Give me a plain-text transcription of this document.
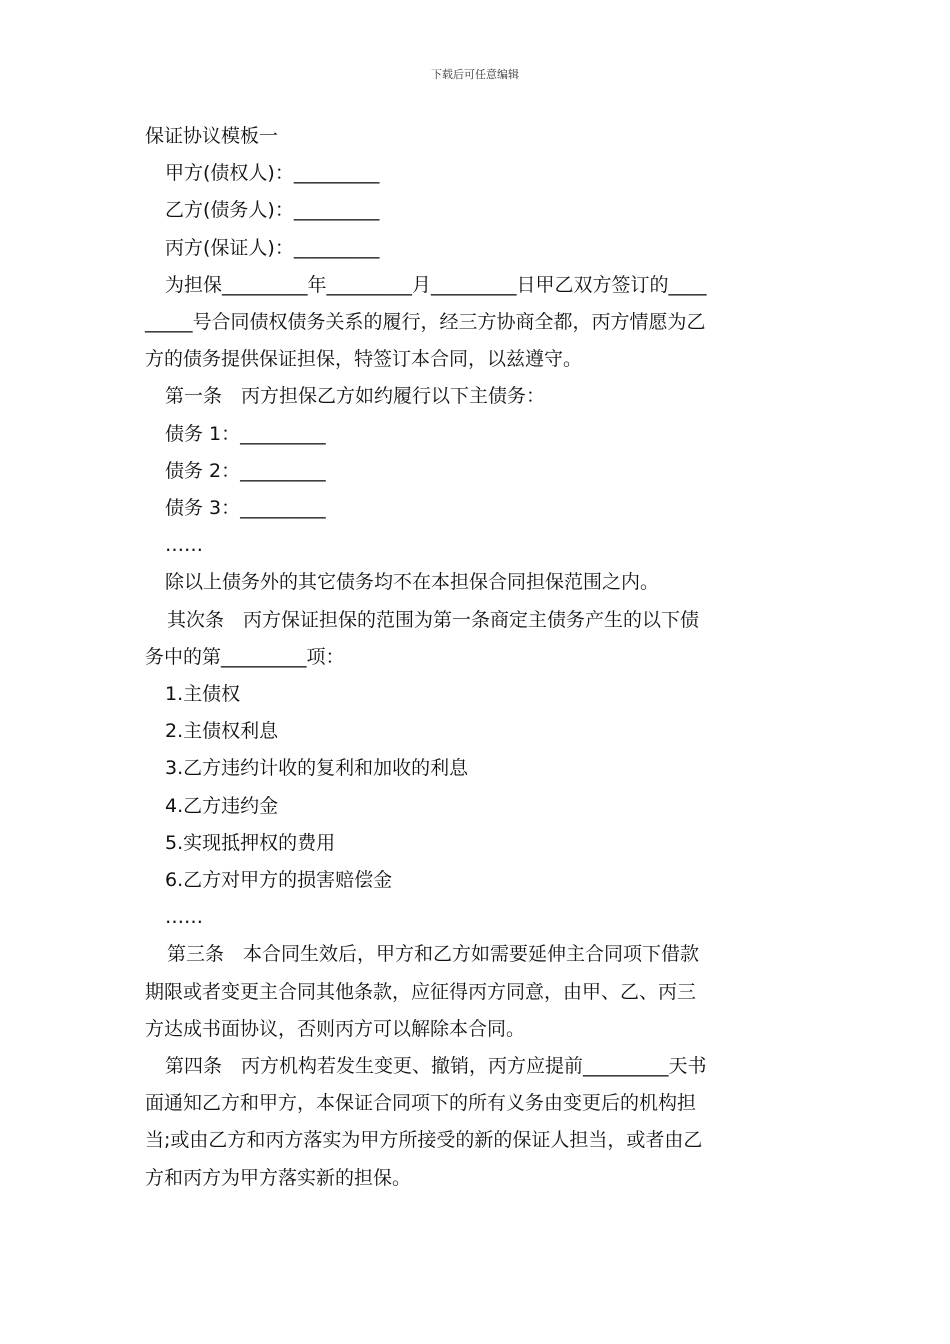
下载后可任意编辑

保证协议模板一

甲方(债权人)：_________

乙方(债务人)：_________

丙方(保证人)：_________

为担保_________年_________月_________日甲乙双方签订的____

_____号合同债权债务关系的履行，经三方协商全都，丙方情愿为乙

方的债务提供保证担保，特签订本合同，以兹遵守。

第一条　丙方担保乙方如约履行以下主债务：

债务 1：_________

债务 2：_________

债务 3：_________

……

除以上债务外的其它债务均不在本担保合同担保范围之内。

其次条　丙方保证担保的范围为第一条商定主债务产生的以下债

务中的第_________项：

1.主债权

2.主债权利息

3.乙方违约计收的复利和加收的利息

4.乙方违约金

5.实现抵押权的费用

6.乙方对甲方的损害赔偿金

……

第三条　本合同生效后，甲方和乙方如需要延伸主合同项下借款

期限或者变更主合同其他条款，应征得丙方同意，由甲、乙、丙三

方达成书面协议，否则丙方可以解除本合同。

第四条　丙方机构若发生变更、撤销，丙方应提前_________天书

面通知乙方和甲方，本保证合同项下的所有义务由变更后的机构担

当;或由乙方和丙方落实为甲方所接受的新的保证人担当，或者由乙

方和丙方为甲方落实新的担保。
